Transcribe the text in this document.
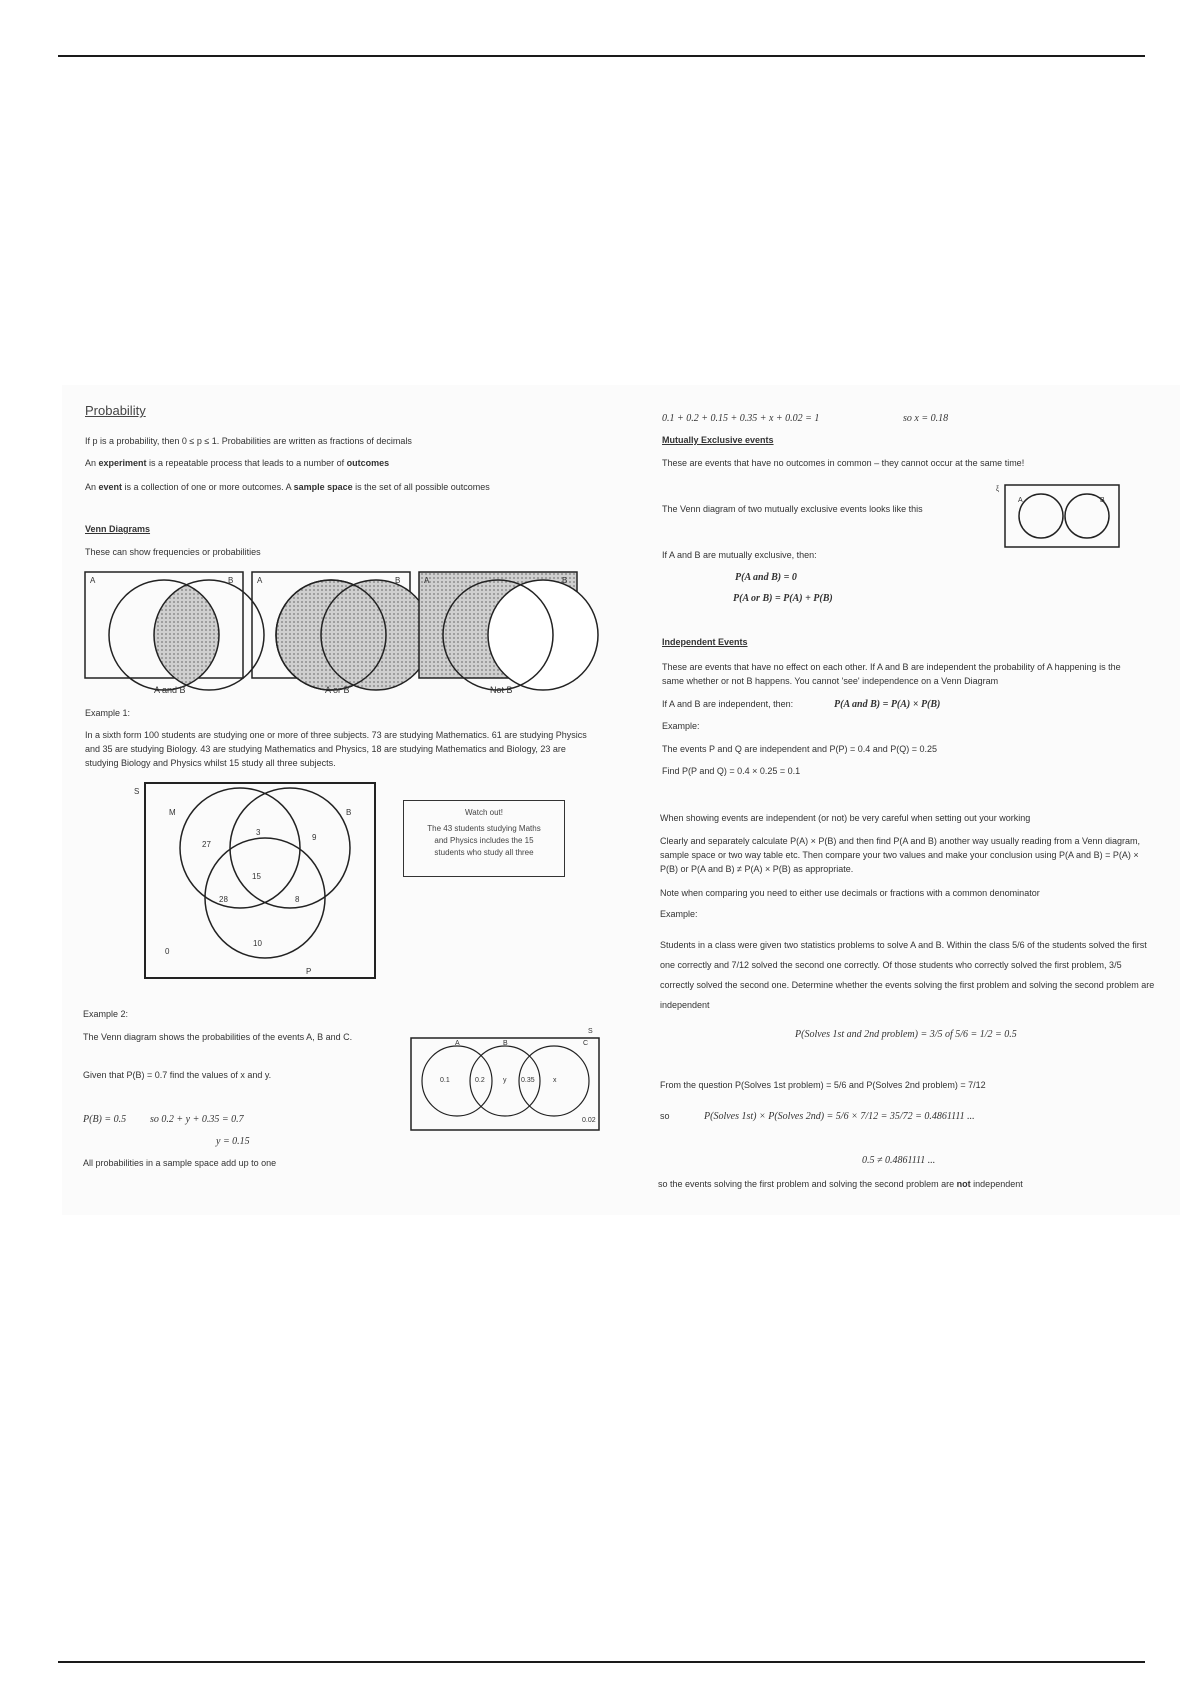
Probability
If p is a probability, then 0 ≤ p ≤ 1. Probabilities are written as fractions of decimals
An experiment is a repeatable process that leads to a number of outcomes
An event is a collection of one or more outcomes. A sample space is the set of all possible outcomes
Venn Diagrams
These can show frequencies or probabilities
A	B	A	B	A	B
A and B	A or B	Not B
Example 1:
In a sixth form 100 students are studying one or more of three subjects. 73 are studying Mathematics. 61 are studying Physics and 35 are studying Biology. 43 are studying Mathematics and Physics, 18 are studying Mathematics and Biology, 23 are studying Biology and Physics whilst 15 study all three subjects.
S
M	B
P
27
3
9
15
28	8
10
0
Watch out!
The 43 students studying Maths and Physics includes the 15 students who study all three
Example 2:
The Venn diagram shows the probabilities of the events A, B and C.
Given that P(B) = 0.7 find the values of x and y.
S
A	B	C
0.1	0.2	y 0.35	x
0.02
P(B) = 0.5 so 0.2 + y + 0.35 = 0.7
y = 0.15
All probabilities in a sample space add up to one
0.1 + 0.2 + 0.15 + 0.35 + x + 0.02 = 1	so x = 0.18
Mutually Exclusive events
These are events that have no outcomes in common – they cannot occur at the same time!
The Venn diagram of two mutually exclusive events looks like this
ξ
A	B
If A and B are mutually exclusive, then:
P(A and B) = 0
P(A or B) = P(A) + P(B)
Independent Events
These are events that have no effect on each other. If A and B are independent the probability of A happening is the same whether or not B happens. You cannot 'see' independence on a Venn Diagram
If A and B are independent, then:	P(A and B) = P(A) × P(B)
Example:
The events P and Q are independent and P(P) = 0.4 and P(Q) = 0.25
Find P(P and Q) = 0.4 × 0.25 = 0.1
When showing events are independent (or not) be very careful when setting out your working
Clearly and separately calculate P(A) × P(B) and then find P(A and B) another way usually reading from a Venn diagram, sample space or two way table etc. Then compare your two values and make your conclusion using P(A and B) = P(A) × P(B) or P(A and B) ≠ P(A) × P(B) as appropriate.
Note when comparing you need to either use decimals or fractions with a common denominator
Example:
Students in a class were given two statistics problems to solve A and B. Within the class 5/6 of the students solved the first one correctly and 7/12 solved the second one correctly. Of those students who correctly solved the first problem, 3/5 correctly solved the second one. Determine whether the events solving the first problem and solving the second problem are independent
P(Solves 1st and 2nd problem) = 3/5 of 5/6 = 1/2 = 0.5
From the question P(Solves 1st problem) = 5/6 and P(Solves 2nd problem) = 7/12
so	P(Solves 1st) × P(Solves 2nd) = 5/6 × 7/12 = 35/72 = 0.4861111 ...
0.5 ≠ 0.4861111 ...
so the events solving the first problem and solving the second problem are not independent
